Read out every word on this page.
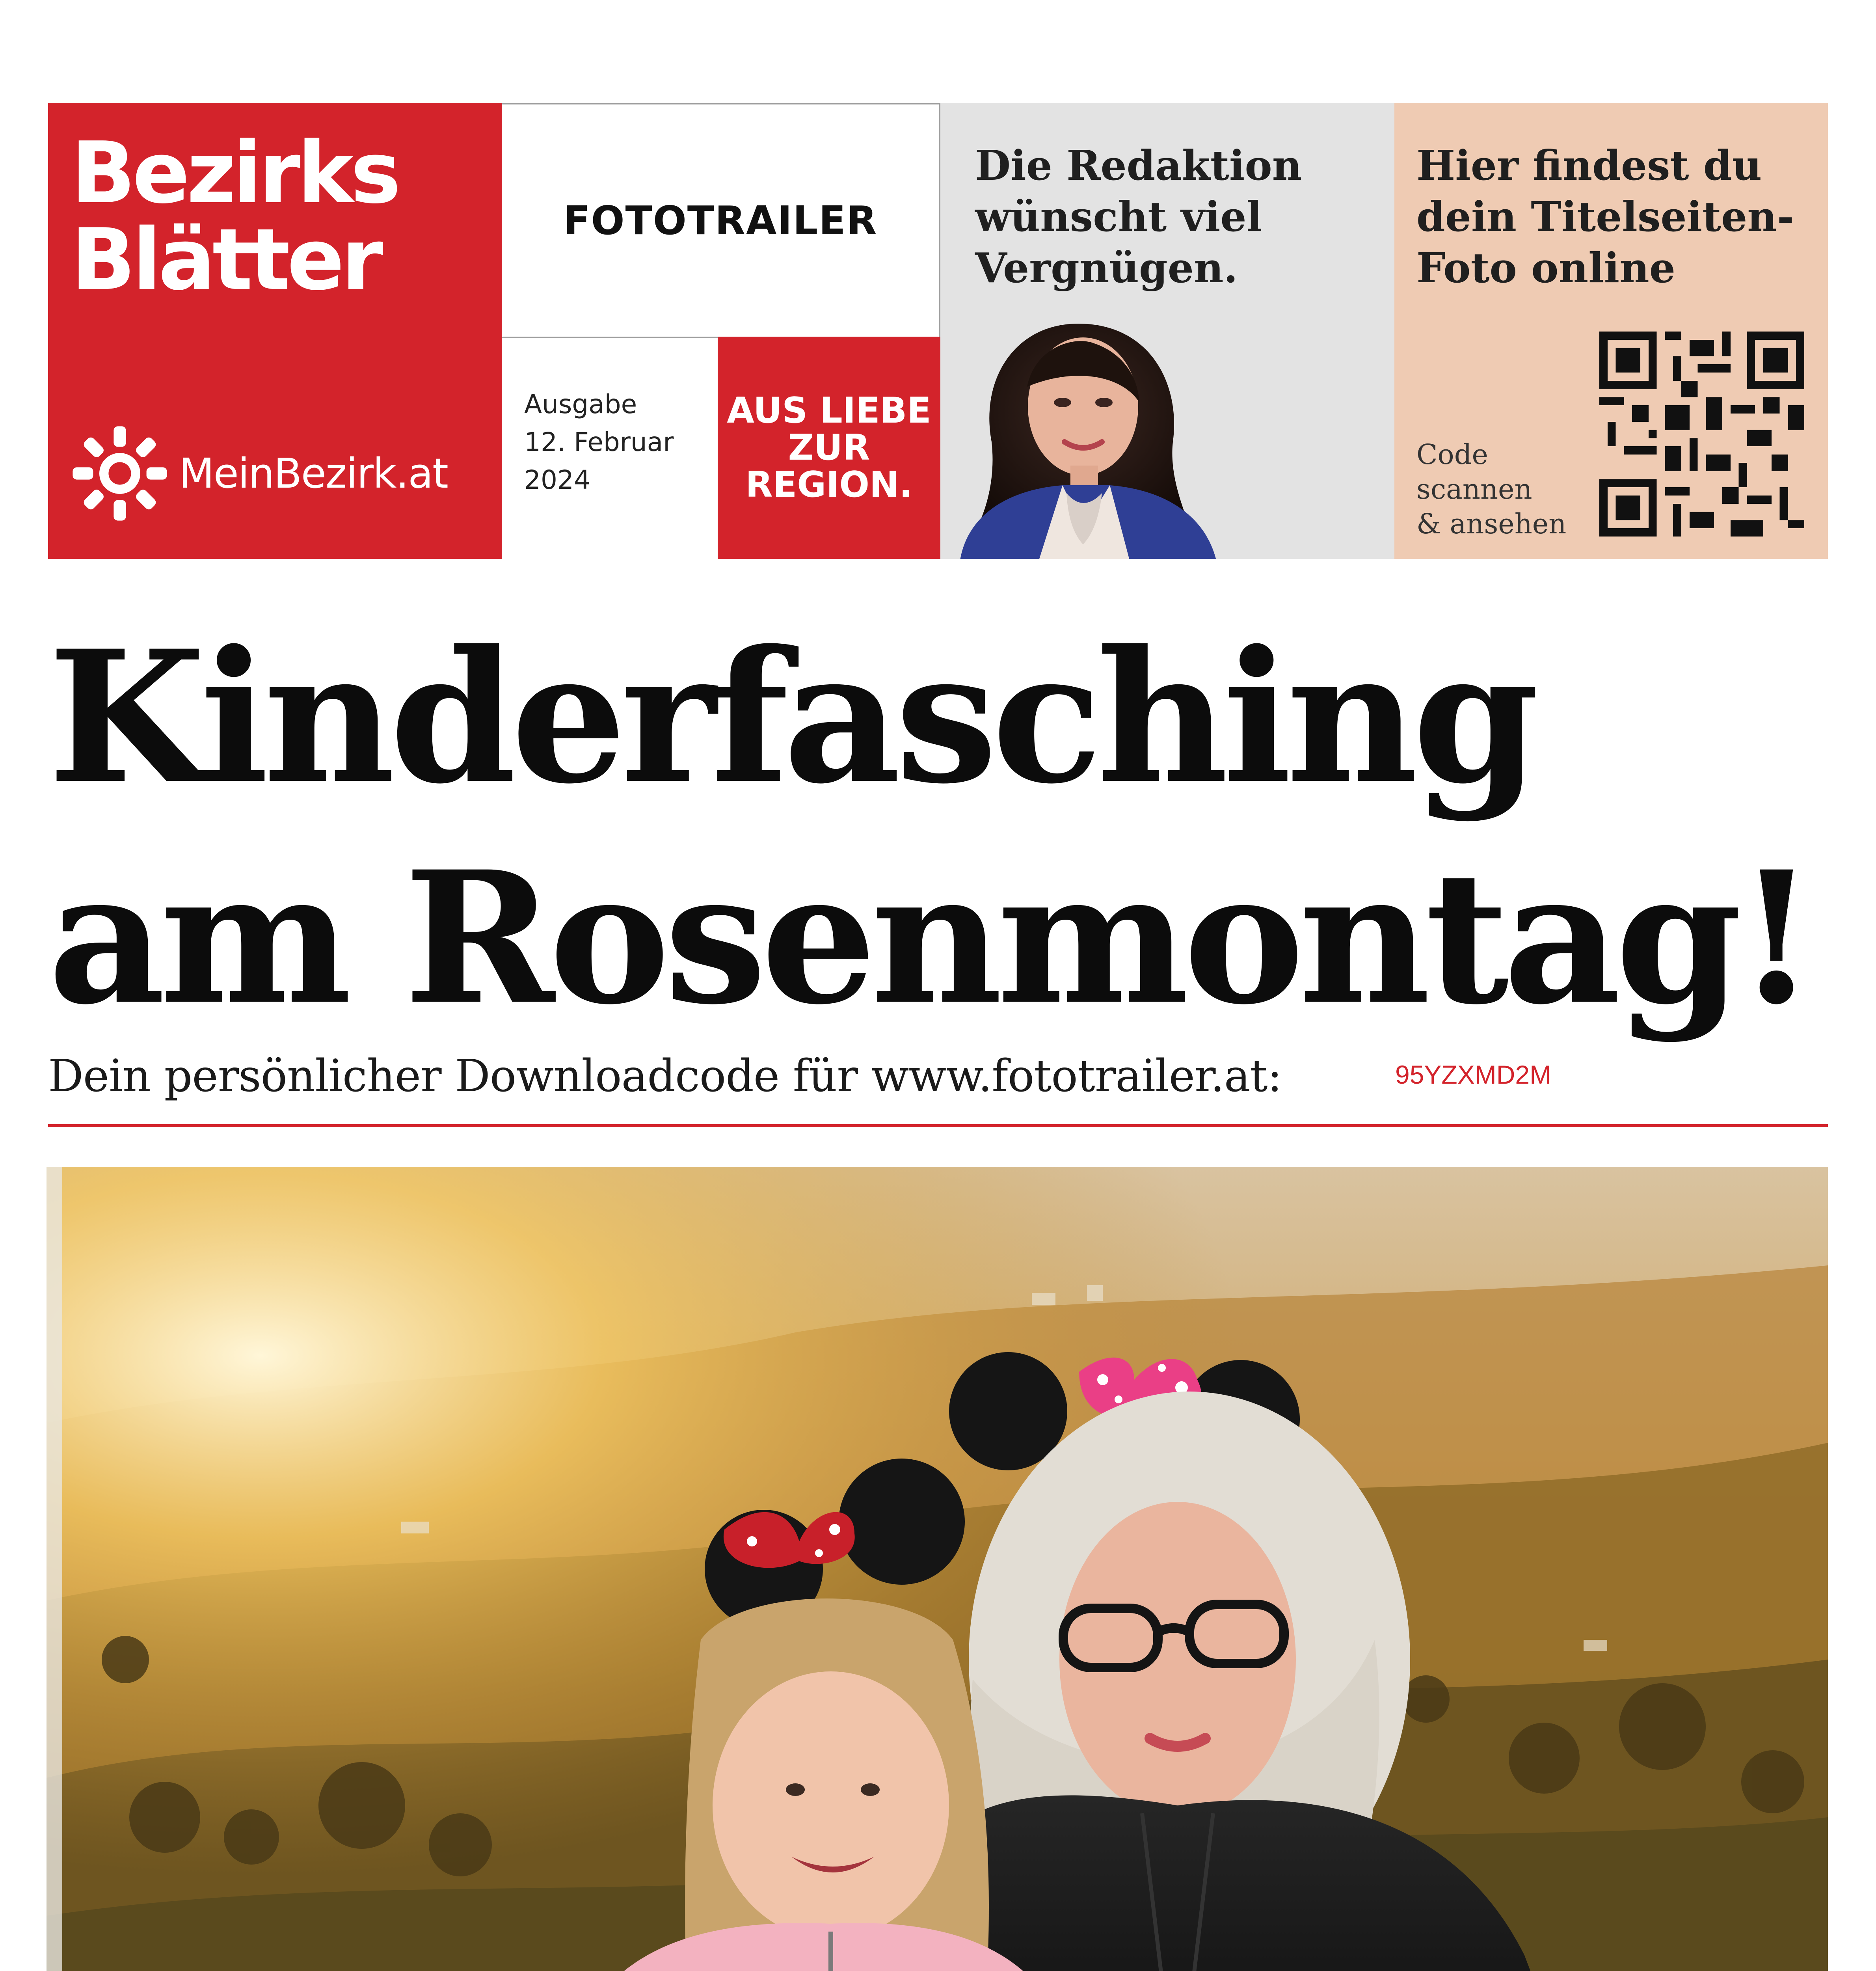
Bezirks
Blätter
MeinBezirk.at
FOTOTRAILER
Ausgabe
12. Februar
2024
AUS LIEBE
ZUR
REGION.
Die Redaktion
wünscht viel
Vergnügen.
Hier findest du
dein Titelseiten-
Foto online
Code
scannen
& ansehen
Kinderfasching
am Rosenmontag!
Dein persönlicher Downloadcode für www.fototrailer.at:	95YZXMD2M
